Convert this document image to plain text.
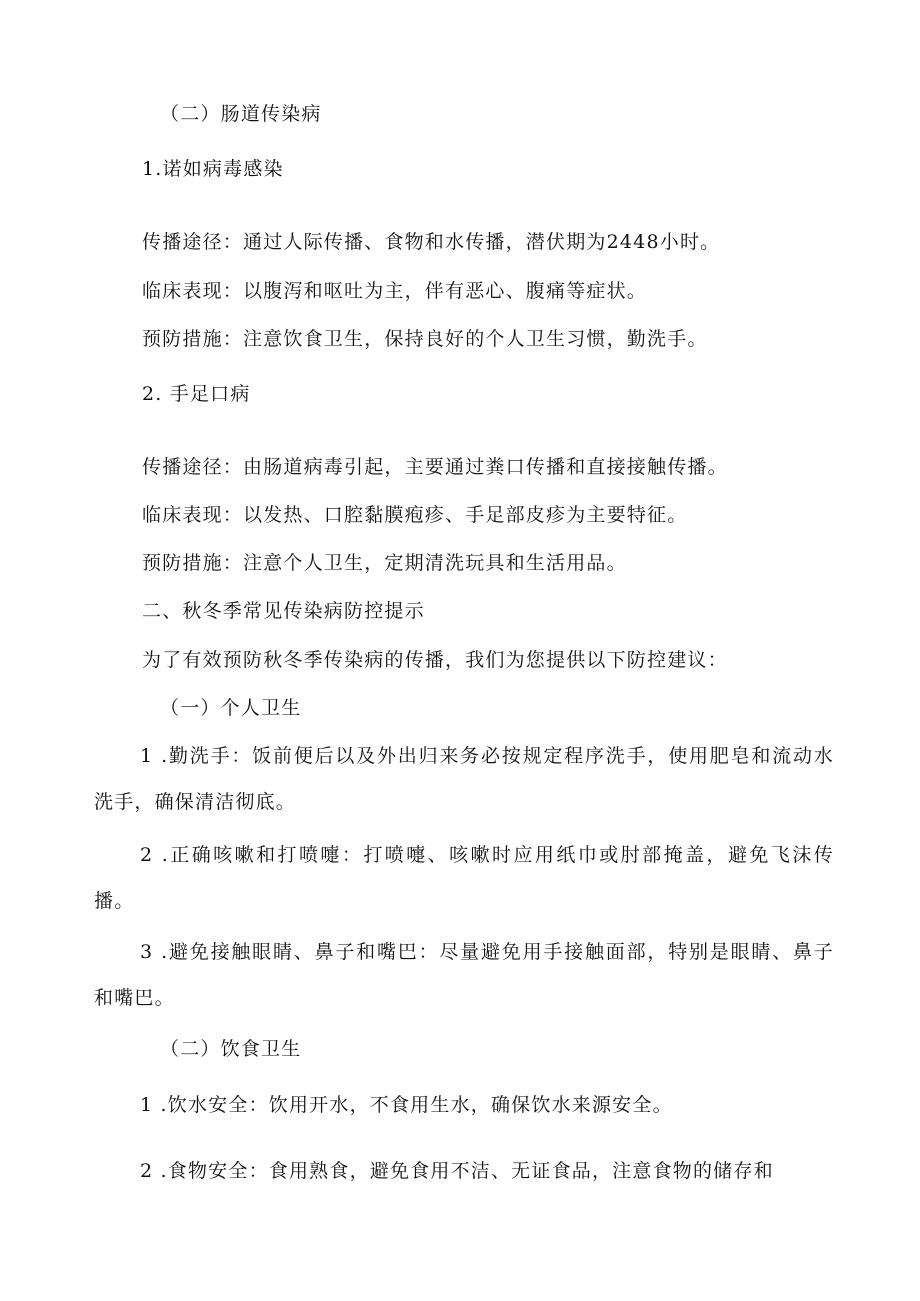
（二）肠道传染病
1.诺如病毒感染
传播途径：通过人际传播、食物和水传播，潜伏期为2448小时。
临床表现：以腹泻和呕吐为主，伴有恶心、腹痛等症状。
预防措施：注意饮食卫生，保持良好的个人卫生习惯，勤洗手。
2. 手足口病
传播途径：由肠道病毒引起，主要通过粪口传播和直接接触传播。
临床表现：以发热、口腔黏膜疱疹、手足部皮疹为主要特征。
预防措施：注意个人卫生，定期清洗玩具和生活用品。
二、秋冬季常见传染病防控提示
为了有效预防秋冬季传染病的传播，我们为您提供以下防控建议：
（一）个人卫生
1 .勤洗手：饭前便后以及外出归来务必按规定程序洗手，使用肥皂和流动水洗手，确保清洁彻底。
2 .正确咳嗽和打喷嚏：打喷嚏、咳嗽时应用纸巾或肘部掩盖，避免飞沫传播。
3 .避免接触眼睛、鼻子和嘴巴：尽量避免用手接触面部，特别是眼睛、鼻子和嘴巴。
（二）饮食卫生
1 .饮水安全：饮用开水，不食用生水，确保饮水来源安全。
2 .食物安全：食用熟食，避免食用不洁、无证食品，注意食物的储存和
